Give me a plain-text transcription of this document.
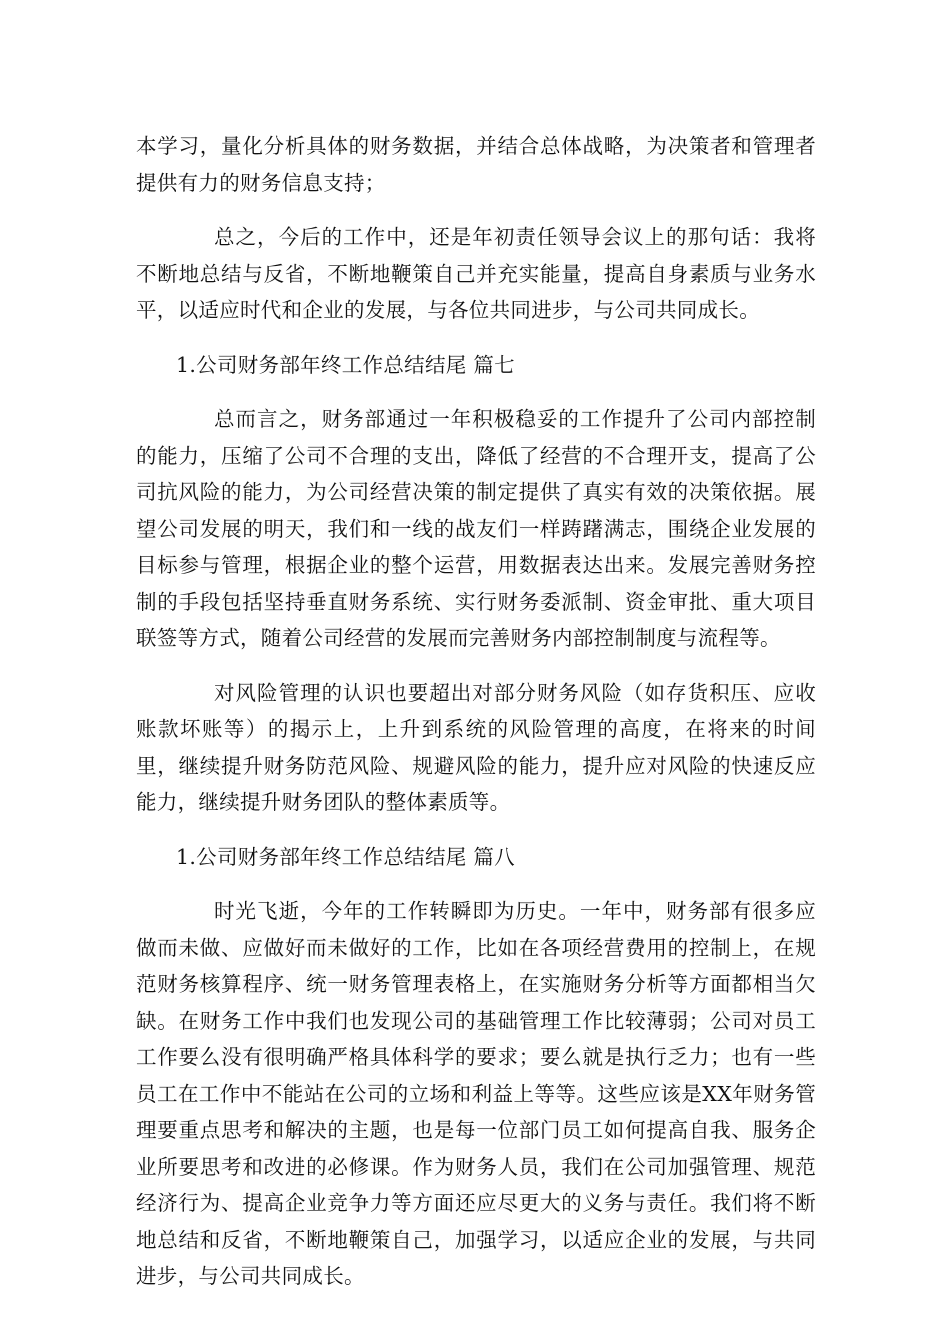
本学习，量化分析具体的财务数据，并结合总体战略，为决策者和管理者提供有力的财务信息支持；

总之，今后的工作中，还是年初责任领导会议上的那句话：我将不断地总结与反省，不断地鞭策自己并充实能量，提高自身素质与业务水平，以适应时代和企业的发展，与各位共同进步，与公司共同成长。

1.公司财务部年终工作总结结尾 篇七

总而言之，财务部通过一年积极稳妥的工作提升了公司内部控制的能力，压缩了公司不合理的支出，降低了经营的不合理开支，提高了公司抗风险的能力，为公司经营决策的制定提供了真实有效的决策依据。展望公司发展的明天，我们和一线的战友们一样踌躇满志，围绕企业发展的目标参与管理，根据企业的整个运营，用数据表达出来。发展完善财务控制的手段包括坚持垂直财务系统、实行财务委派制、资金审批、重大项目联签等方式，随着公司经营的发展而完善财务内部控制制度与流程等。

对风险管理的认识也要超出对部分财务风险（如存货积压、应收账款坏账等）的揭示上，上升到系统的风险管理的高度，在将来的时间里，继续提升财务防范风险、规避风险的能力，提升应对风险的快速反应能力，继续提升财务团队的整体素质等。

1.公司财务部年终工作总结结尾 篇八

时光飞逝，今年的工作转瞬即为历史。一年中，财务部有很多应做而未做、应做好而未做好的工作，比如在各项经营费用的控制上，在规范财务核算程序、统一财务管理表格上，在实施财务分析等方面都相当欠缺。在财务工作中我们也发现公司的基础管理工作比较薄弱；公司对员工工作要么没有很明确严格具体科学的要求；要么就是执行乏力；也有一些员工在工作中不能站在公司的立场和利益上等等。这些应该是XX年财务管理要重点思考和解决的主题，也是每一位部门员工如何提高自我、服务企业所要思考和改进的必修课。作为财务人员，我们在公司加强管理、规范经济行为、提高企业竞争力等方面还应尽更大的义务与责任。我们将不断地总结和反省，不断地鞭策自己，加强学习，以适应企业的发展，与共同进步，与公司共同成长。
